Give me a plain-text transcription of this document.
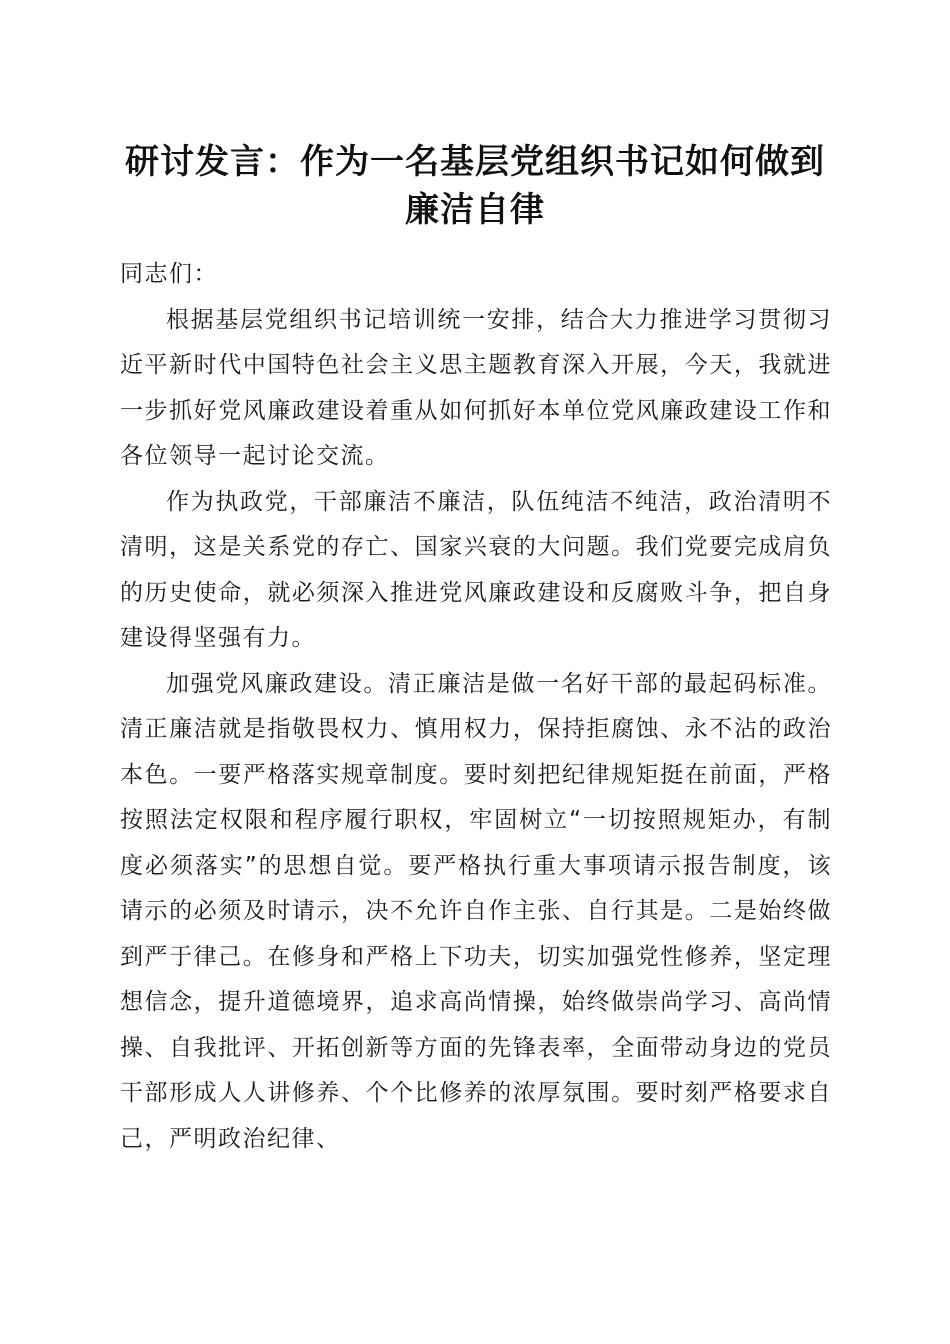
研讨发言：作为一名基层党组织书记如何做到
廉洁自律

同志们：

根据基层党组织书记培训统一安排，结合大力推进学习贯彻习近平新时代中国特色社会主义思主题教育深入开展，今天，我就进一步抓好党风廉政建设着重从如何抓好本单位党风廉政建设工作和各位领导一起讨论交流。

作为执政党，干部廉洁不廉洁，队伍纯洁不纯洁，政治清明不清明，这是关系党的存亡、国家兴衰的大问题。我们党要完成肩负的历史使命，就必须深入推进党风廉政建设和反腐败斗争，把自身建设得坚强有力。

加强党风廉政建设。清正廉洁是做一名好干部的最起码标准。清正廉洁就是指敬畏权力、慎用权力，保持拒腐蚀、永不沾的政治本色。一要严格落实规章制度。要时刻把纪律规矩挺在前面，严格按照法定权限和程序履行职权，牢固树立“一切按照规矩办，有制度必须落实”的思想自觉。要严格执行重大事项请示报告制度，该请示的必须及时请示，决不允许自作主张、自行其是。二是始终做到严于律己。在修身和严格上下功夫，切实加强党性修养，坚定理想信念，提升道德境界，追求高尚情操，始终做崇尚学习、高尚情操、自我批评、开拓创新等方面的先锋表率，全面带动身边的党员干部形成人人讲修养、个个比修养的浓厚氛围。要时刻严格要求自己，严明政治纪律、
